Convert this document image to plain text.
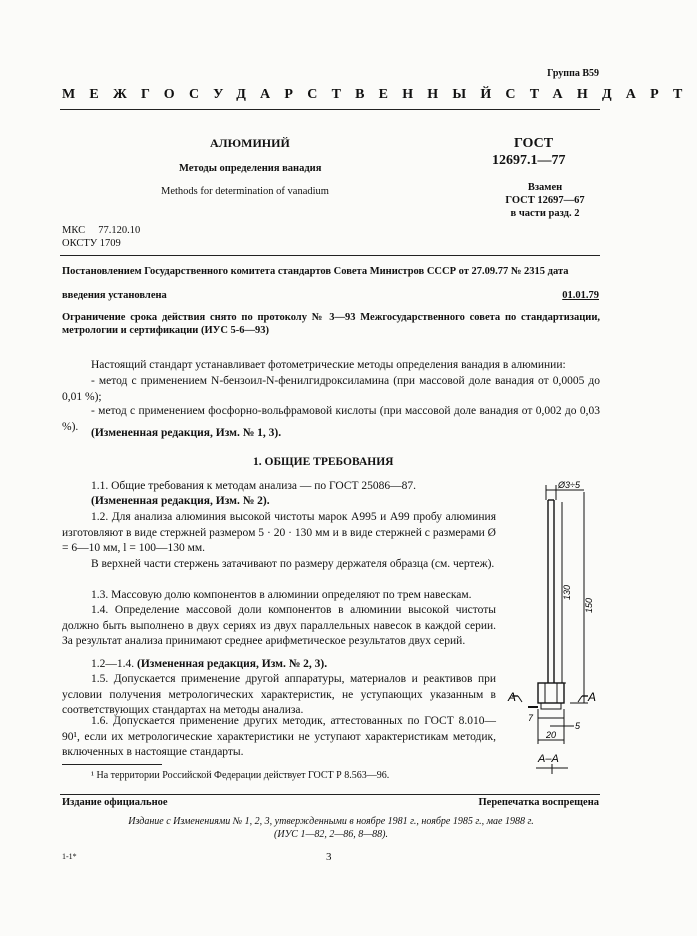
Группа В59
МЕЖГОСУДАРСТВЕННЫЙ СТАНДАРТ
АЛЮМИНИЙ
Методы определения ванадия
Methods for determination of vanadium
ГОСТ
12697.1—77
Взамен
ГОСТ 12697—67
в части разд. 2
МКС     77.120.10
ОКСТУ 1709
Постановлением Государственного комитета стандартов Совета Министров СССР от 27.09.77 № 2315 дата
введения установлена	01.01.79
Ограничение срока действия снято по протоколу № 3—93 Межгосударственного совета по стандартизации, метрологии и сертификации (ИУС 5-6—93)
Настоящий стандарт устанавливает фотометрические методы определения ванадия в алюминии:
- метод с применением N-бензоил-N-фенилгидроксиламина (при массовой доле ванадия от 0,0005 до 0,01 %);
- метод с применением фосфорно-вольфрамовой кислоты (при массовой доле ванадия от 0,002 до 0,03 %).
(Измененная редакция, Изм. № 1, 3).
1. ОБЩИЕ ТРЕБОВАНИЯ
1.1. Общие требования к методам анализа — по ГОСТ 25086—87.
(Измененная редакция, Изм. № 2).
1.2. Для анализа алюминия высокой чистоты марок А995 и А99 пробу алюминия изготовляют в виде стержней размером 5 · 20 · 130 мм и в виде стержней с размерами Ø = 6—10 мм, l = 100—130 мм.
В верхней части стержень затачивают по размеру держателя образца (см. чертеж).
1.3. Массовую долю компонентов в алюминии определяют по трем навескам.
1.4. Определение массовой доли компонентов в алюминии высокой чистоты должно быть выполнено в двух сериях из двух параллельных навесок в каждой серии. За результат анализа принимают среднее арифметическое результатов двух серий.
1.2—1.4. (Измененная редакция, Изм. № 2, 3).
1.5. Допускается применение другой аппаратуры, материалов и реактивов при условии получения метрологических характеристик, не уступающих указанным в соответствующих стандартах на методы анализа.
1.6. Допускается применение других методик, аттестованных по ГОСТ 8.010—90¹, если их метрологические характеристики не уступают характеристикам методик, включенных в настоящие стандарты.
Ø3÷5
130
150
A	A
7
5
20
А–А
¹ На территории Российской Федерации действует ГОСТ Р 8.563—96.
Издание официальное	Перепечатка воспрещена
Издание с Изменениями № 1, 2, 3, утвержденными в ноябре 1981 г., ноябре 1985 г., мае 1988 г.
(ИУС 1—82, 2—86, 8—88).
1-1*	3
